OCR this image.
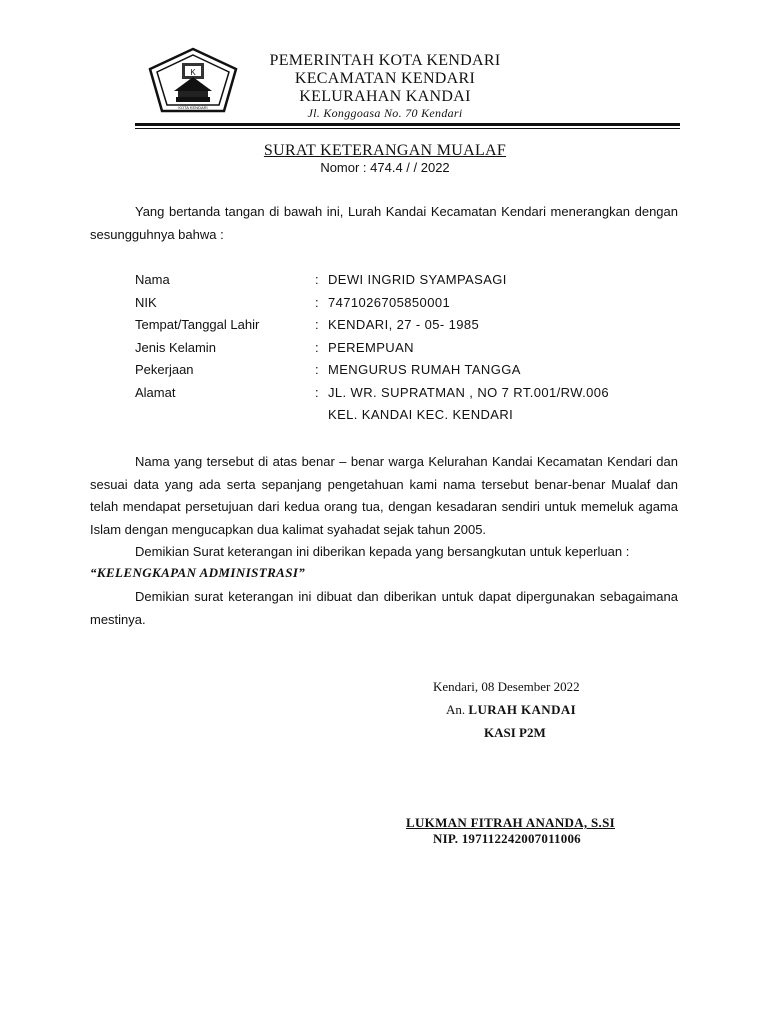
K
KOTA KENDARI
PEMERINTAH KOTA KENDARI
KECAMATAN KENDARI
KELURAHAN KANDAI
Jl. Konggoasa No. 70 Kendari
SURAT KETERANGAN MUALAF
Nomor : 474.4 / / 2022
Yang bertanda tangan di bawah ini, Lurah Kandai Kecamatan Kendari menerangkan dengan sesungguhnya bahwa :
Nama	: DEWI INGRID SYAMPASAGI
NIK	: 7471026705850001
Tempat/Tanggal Lahir	: KENDARI, 27 - 05- 1985
Jenis Kelamin	: PEREMPUAN
Pekerjaan	: MENGURUS RUMAH TANGGA
Alamat	: JL. WR. SUPRATMAN , NO 7 RT.001/RW.006
KEL. KANDAI KEC. KENDARI
Nama yang tersebut di atas benar – benar warga Kelurahan Kandai Kecamatan Kendari dan sesuai data yang ada serta sepanjang pengetahuan kami nama tersebut benar-benar Mualaf dan telah mendapat persetujuan dari kedua orang tua, dengan kesadaran sendiri untuk memeluk agama Islam dengan mengucapkan dua kalimat syahadat sejak tahun 2005.
Demikian Surat keterangan ini diberikan kepada yang bersangkutan untuk keperluan :
“KELENGKAPAN ADMINISTRASI”
Demikian surat keterangan ini dibuat dan diberikan untuk dapat dipergunakan sebagaimana mestinya.
Kendari, 08 Desember 2022
An. LURAH KANDAI
KASI P2M
LUKMAN FITRAH ANANDA, S.SI
NIP. 197112242007011006
